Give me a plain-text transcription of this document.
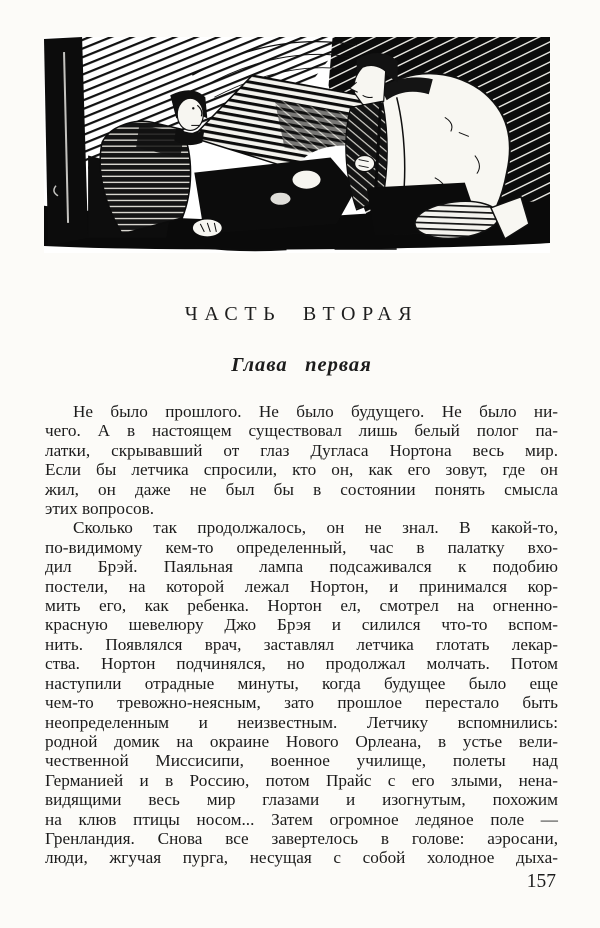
ЧАСТЬ ВТОРАЯ
Глава первая
Не было прошлого. Не было будущего. Не было ни-
чего. А в настоящем существовал лишь белый полог па-
латки, скрывавший от глаз Дугласа Нортона весь мир.
Если бы летчика спросили, кто он, как его зовут, где он
жил, он даже не был бы в состоянии понять смысла
этих вопросов.
Сколько так продолжалось, он не знал. В какой-то,
по-видимому кем-то определенный, час в палатку вхо-
дил Брэй. Паяльная лампа подсаживался к подобию
постели, на которой лежал Нортон, и принимался кор-
мить его, как ребенка. Нортон ел, смотрел на огненно-
красную шевелюру Джо Брэя и силился что-то вспом-
нить. Появлялся врач, заставлял летчика глотать лекар-
ства. Нортон подчинялся, но продолжал молчать. Потом
наступили отрадные минуты, когда будущее было еще
чем-то тревожно-неясным, зато прошлое перестало быть
неопределенным и неизвестным. Летчику вспомнились:
родной домик на окраине Нового Орлеана, в устье вели-
чественной Миссисипи, военное училище, полеты над
Германией и в Россию, потом Прайс с его злыми, нена-
видящими весь мир глазами и изогнутым, похожим
на клюв птицы носом... Затем огромное ледяное поле —
Гренландия. Снова все завертелось в голове: аэросани,
люди, жгучая пурга, несущая с собой холодное дыха-
157
